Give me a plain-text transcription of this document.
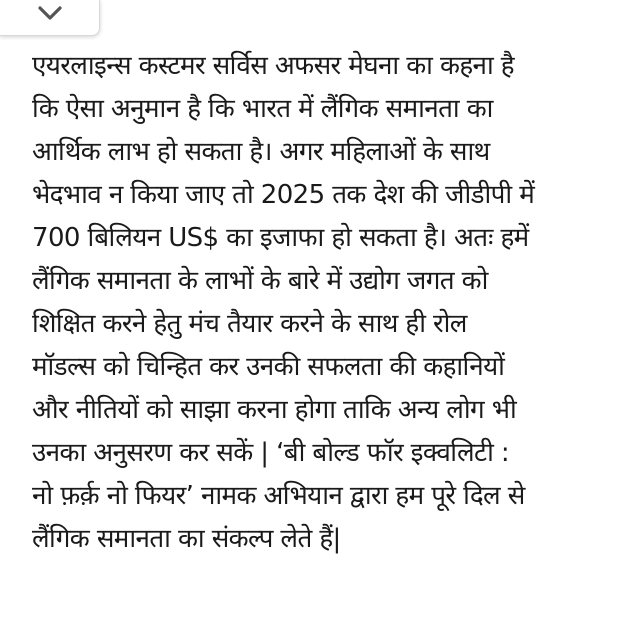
एयरलाइन्स कस्टमर सर्विस अफसर मेघना का कहना है
कि ऐसा अनुमान है कि भारत में लैंगिक समानता का
आर्थिक लाभ हो सकता है। अगर महिलाओं के साथ
भेदभाव न किया जाए तो 2025 तक देश की जीडीपी में
700 बिलियन US$ का इजाफा हो सकता है। अतः हमें
लैंगिक समानता के लाभों के बारे में उद्योग जगत को
शिक्षित करने हेतु मंच तैयार करने के साथ ही रोल
मॉडल्स को चिन्हित कर उनकी सफलता की कहानियों
और नीतियों को साझा करना होगा ताकि अन्य लोग भी
उनका अनुसरण कर सकें | ‘बी बोल्ड फॉर इक्वलिटी :
नो फ़र्क़ नो फियर’ नामक अभियान द्वारा हम पूरे दिल से
लैंगिक समानता का संकल्प लेते हैं|
